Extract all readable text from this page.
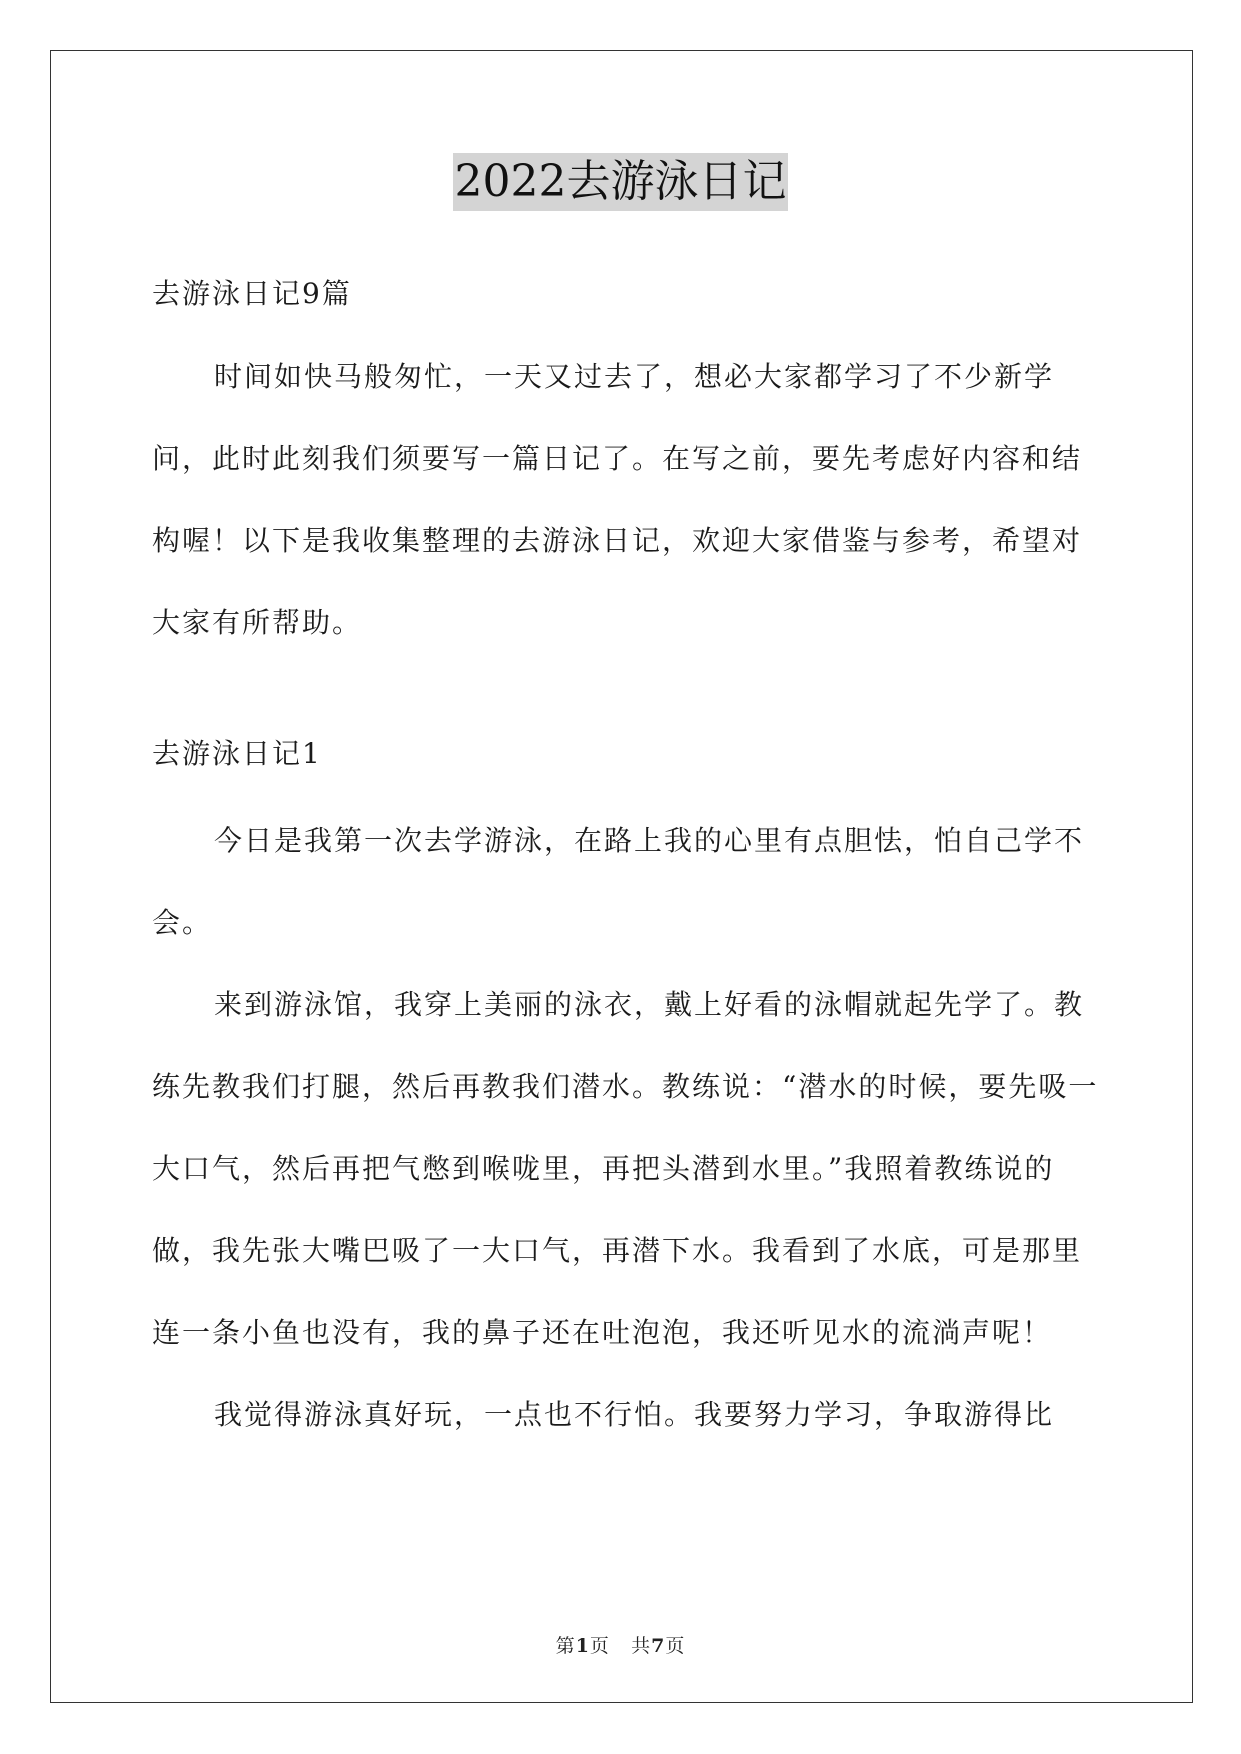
2022去游泳日记

去游泳日记9篇

时间如快马般匆忙，一天又过去了，想必大家都学习了不少新学问，此时此刻我们须要写一篇日记了。在写之前，要先考虑好内容和结构喔！以下是我收集整理的去游泳日记，欢迎大家借鉴与参考，希望对大家有所帮助。

去游泳日记1

今日是我第一次去学游泳，在路上我的心里有点胆怯，怕自己学不会。

来到游泳馆，我穿上美丽的泳衣，戴上好看的泳帽就起先学了。教练先教我们打腿，然后再教我们潜水。教练说：“潜水的时候，要先吸一大口气，然后再把气憋到喉咙里，再把头潜到水里。”我照着教练说的做，我先张大嘴巴吸了一大口气，再潜下水。我看到了水底，可是那里连一条小鱼也没有，我的鼻子还在吐泡泡，我还听见水的流淌声呢！

我觉得游泳真好玩，一点也不行怕。我要努力学习，争取游得比

第1页 共7页
